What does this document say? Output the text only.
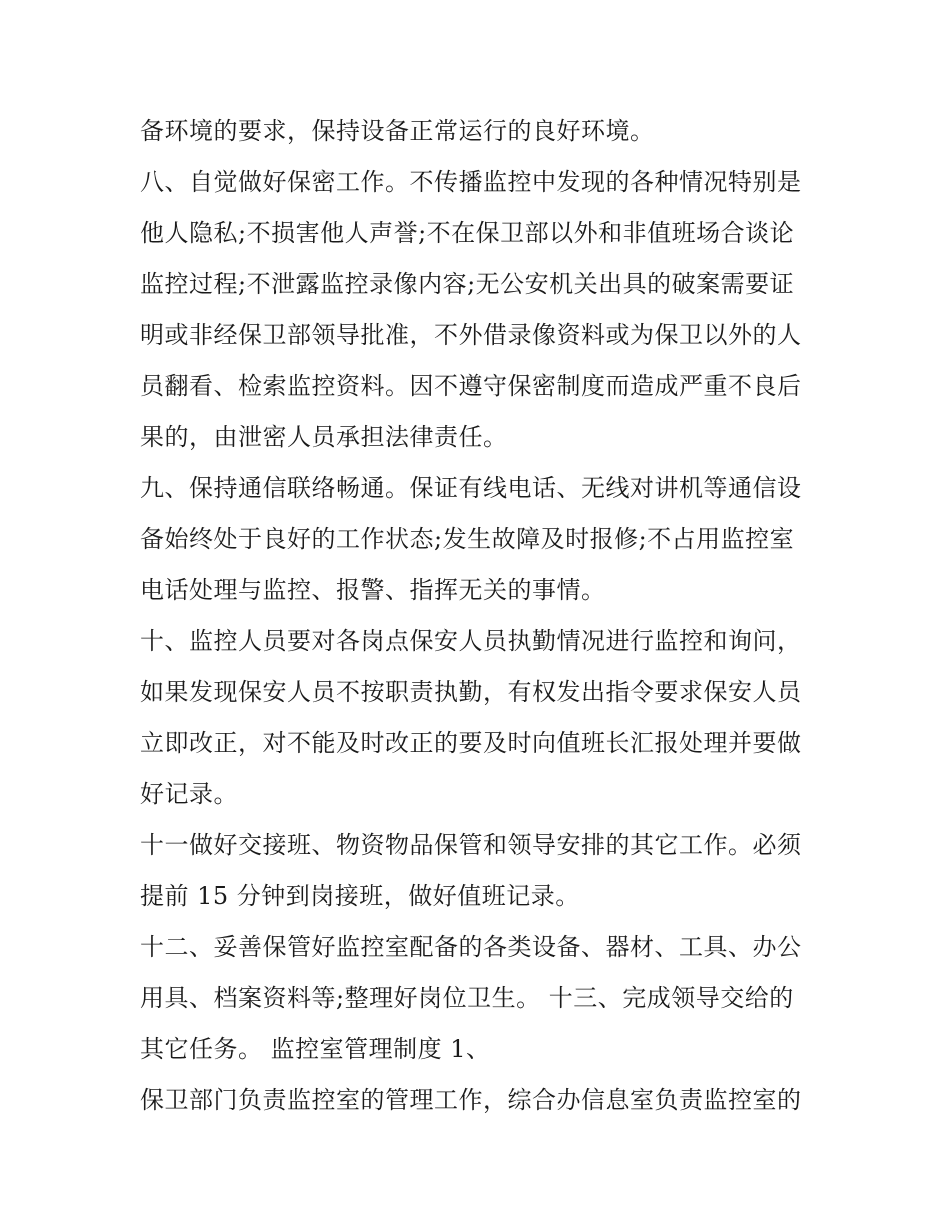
备环境的要求，保持设备正常运行的良好环境。
八、自觉做好保密工作。不传播监控中发现的各种情况特别是
他人隐私;不损害他人声誉;不在保卫部以外和非值班场合谈论
监控过程;不泄露监控录像内容;无公安机关出具的破案需要证
明或非经保卫部领导批准，不外借录像资料或为保卫以外的人
员翻看、检索监控资料。因不遵守保密制度而造成严重不良后
果的，由泄密人员承担法律责任。
九、保持通信联络畅通。保证有线电话、无线对讲机等通信设
备始终处于良好的工作状态;发生故障及时报修;不占用监控室
电话处理与监控、报警、指挥无关的事情。
十、监控人员要对各岗点保安人员执勤情况进行监控和询问，
如果发现保安人员不按职责执勤，有权发出指令要求保安人员
立即改正，对不能及时改正的要及时向值班长汇报处理并要做
好记录。
十一做好交接班、物资物品保管和领导安排的其它工作。必须
提前 15 分钟到岗接班，做好值班记录。
十二、妥善保管好监控室配备的各类设备、器材、工具、办公
用具、档案资料等;整理好岗位卫生。 十三、完成领导交给的
其它任务。 监控室管理制度 1、
保卫部门负责监控室的管理工作，综合办信息室负责监控室的
